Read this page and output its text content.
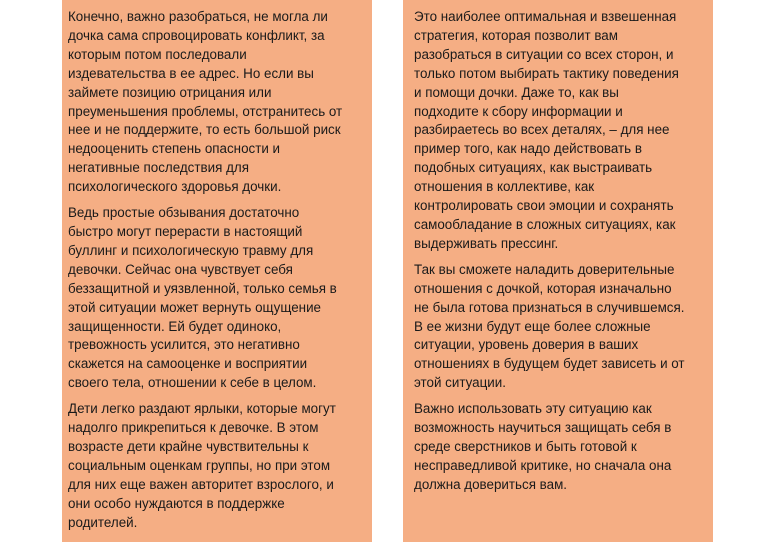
Конечно, важно разобраться, не могла ли
дочка сама спровоцировать конфликт, за
которым потом последовали
издевательства в ее адрес. Но если вы
займете позицию отрицания или
преуменьшения проблемы, отстранитесь от
нее и не поддержите, то есть большой риск
недооценить степень опасности и
негативные последствия для
психологического здоровья дочки.

Ведь простые обзывания достаточно
быстро могут перерасти в настоящий
буллинг и психологическую травму для
девочки. Сейчас она чувствует себя
беззащитной и уязвленной, только семья в
этой ситуации может вернуть ощущение
защищенности. Ей будет одиноко,
тревожность усилится, это негативно
скажется на самооценке и восприятии
своего тела, отношении к себе в целом.

Дети легко раздают ярлыки, которые могут
надолго прикрепиться к девочке. В этом
возрасте дети крайне чувствительны к
социальным оценкам группы, но при этом
для них еще важен авторитет взрослого, и
они особо нуждаются в поддержке
родителей.

Это наиболее оптимальная и взвешенная
стратегия, которая позволит вам
разобраться в ситуации со всех сторон, и
только потом выбирать тактику поведения
и помощи дочки. Даже то, как вы
подходите к сбору информации и
разбираетесь во всех деталях, – для нее
пример того, как надо действовать в
подобных ситуациях, как выстраивать
отношения в коллективе, как
контролировать свои эмоции и сохранять
самообладание в сложных ситуациях, как
выдерживать прессинг.

Так вы сможете наладить доверительные
отношения с дочкой, которая изначально
не была готова признаться в случившемся.
В ее жизни будут еще более сложные
ситуации, уровень доверия в ваших
отношениях в будущем будет зависеть и от
этой ситуации.

Важно использовать эту ситуацию как
возможность научиться защищать себя в
среде сверстников и быть готовой к
несправедливой критике, но сначала она
должна довериться вам.
